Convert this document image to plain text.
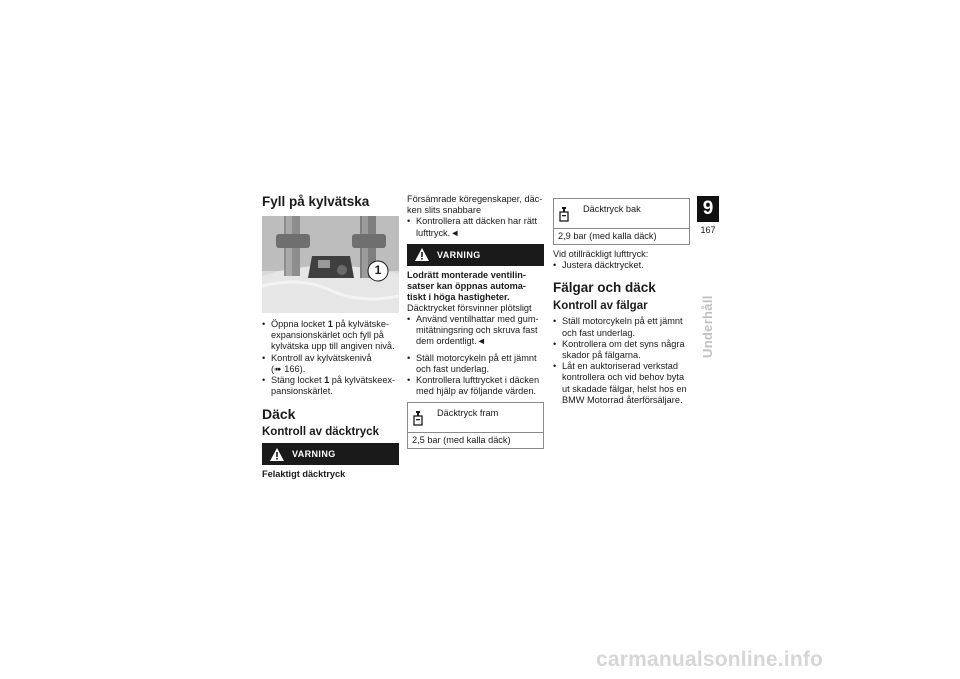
Fyll på kylvätska
1
• Öppna locket 1 på kylvätske-expansionskärlet och fyll på kylvätska upp till angiven nivå.
• Kontroll av kylvätskenivå
(➠ 166).
• Stäng locket 1 på kylvätskeex-pansionskärlet.
Däck
Kontroll av däcktryck
VARNING
Felaktigt däcktryck

Försämrade köregenskaper, däc-ken slits snabbare

• Kontrollera att däcken har rätt lufttryck.◄
VARNING
Lodrätt monterade ventilin-satser kan öppnas automa-tiskt i höga hastigheter.

Däcktrycket försvinner plötsligt

• Använd ventilhattar med gum-mitätningsring och skruva fast dem ordentligt.◄
• Ställ motorcykeln på ett jämnt och fast underlag.
• Kontrollera lufttrycket i däcken med hjälp av följande värden.
Däcktryck fram
2,5 bar (med kalla däck)
Däcktryck bak
2,9 bar (med kalla däck)

Vid otillräckligt lufttryck:

• Justera däcktrycket.
Fälgar och däck
Kontroll av fälgar
• Ställ motorcykeln på ett jämnt och fast underlag.
• Kontrollera om det syns några skador på fälgarna.
• Låt en auktoriserad verkstad kontrollera och vid behov byta ut skadade fälgar, helst hos en BMW Motorrad återförsäljare.
9
167
Underhåll
carmanualsonline.info
